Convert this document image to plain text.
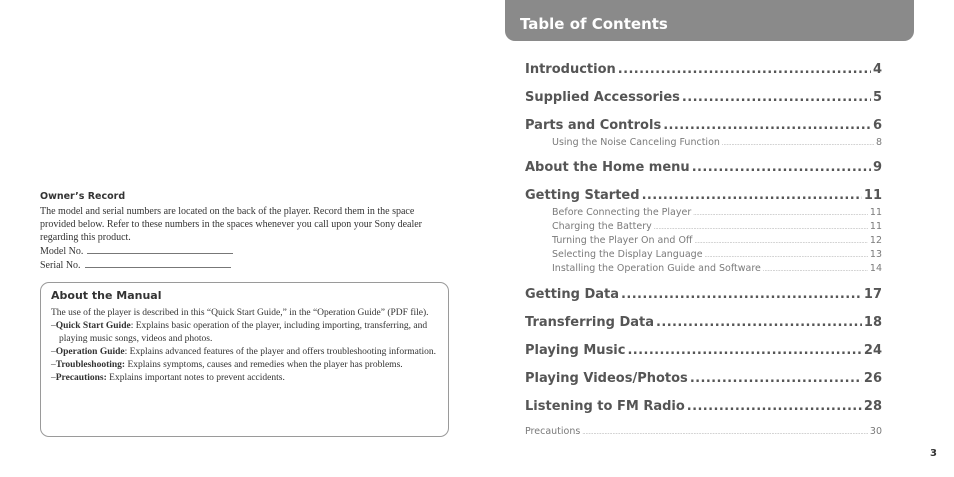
Owner’s Record

The model and serial numbers are located on the back of the player. Record them in the space provided below. Refer to these numbers in the spaces whenever you call upon your Sony dealer regarding this product.

Model No.
Serial No.
About the Manual

The use of the player is described in this “Quick Start Guide,” in the “Operation Guide” (PDF file).

–Quick Start Guide: Explains basic operation of the player, including importing, transferring, and playing music songs, videos and photos.
–Operation Guide: Explains advanced features of the player and offers troubleshooting information.
–Troubleshooting: Explains symptoms, causes and remedies when the player has problems.
–Precautions: Explains important notes to prevent accidents.
Table of Contents
Introduction .....	4
Supplied Accessories .....	5
Parts and Controls .....	6
Using the Noise Canceling Function .....	8
About the Home menu .....	9
Getting Started .....	11
Before Connecting the Player .....	11
Charging the Battery .....	11
Turning the Player On and Off .....	12
Selecting the Display Language .....	13
Installing the Operation Guide and Software .....	14
Getting Data .....	17
Transferring Data .....	18
Playing Music .....	24
Playing Videos/Photos .....	26
Listening to FM Radio .....	28
Precautions .....	30
3
